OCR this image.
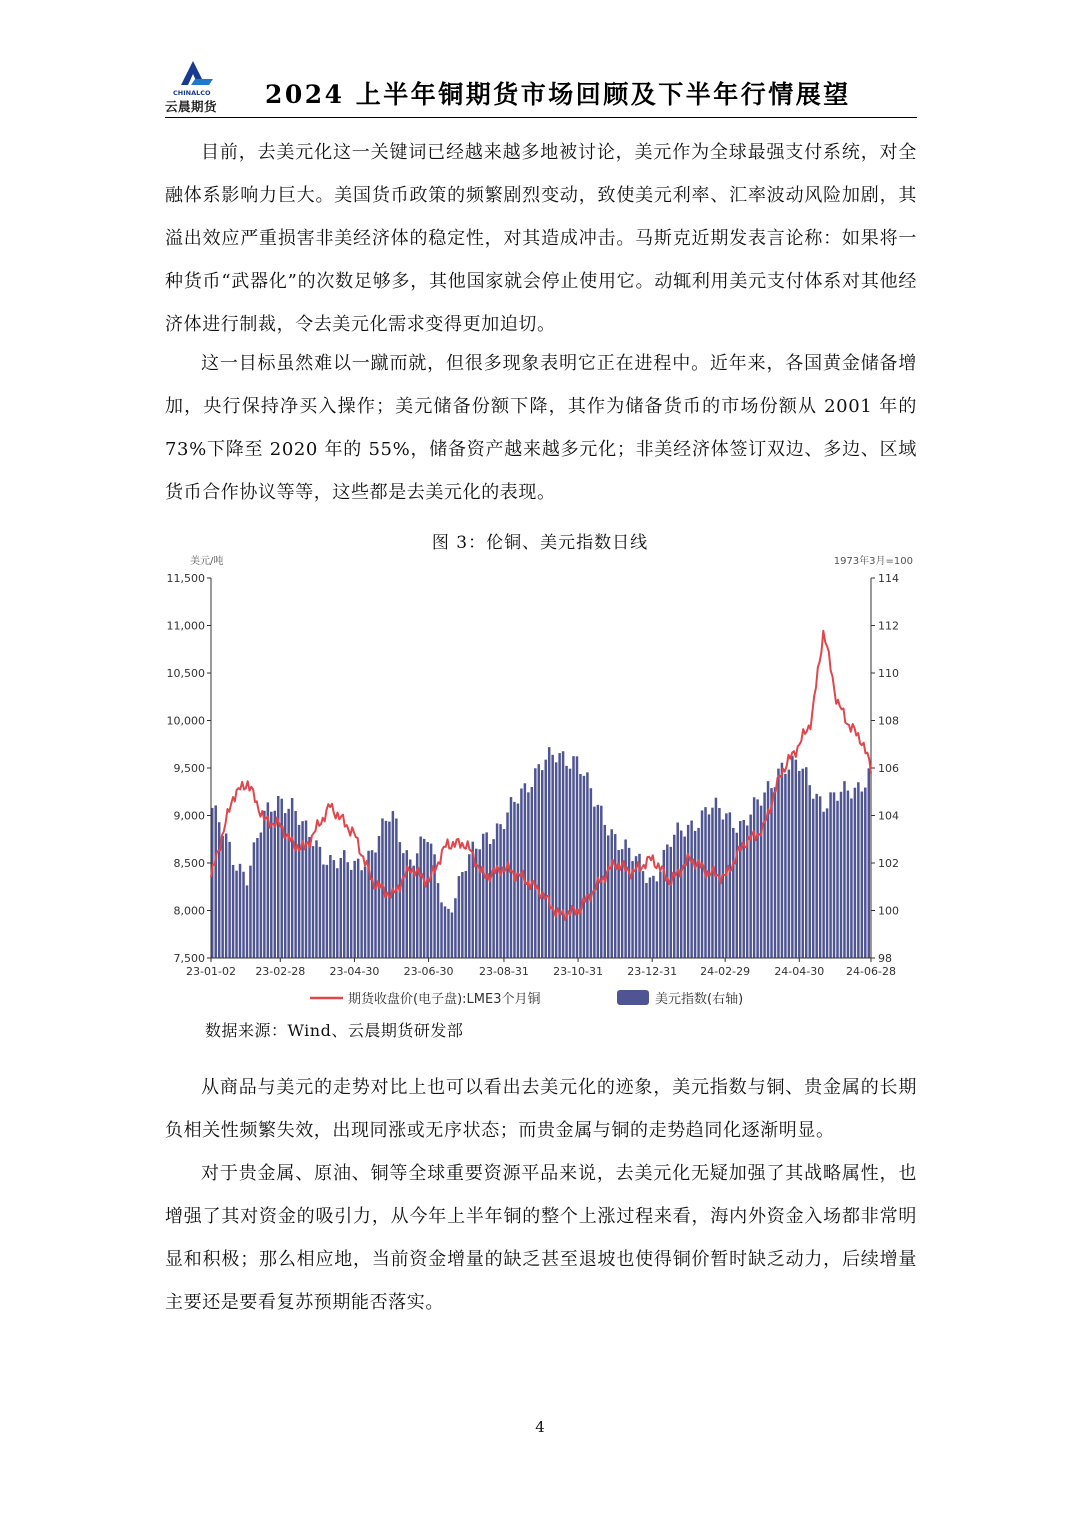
CHINALCO
云晨期货 2024 上半年铜期货市场回顾及下半年行情展望

目前，去美元化这一关键词已经越来越多地被讨论，美元作为全球最强支付系统，对全融体系影响力巨大。美国货币政策的频繁剧烈变动，致使美元利率、汇率波动风险加剧，其溢出效应严重损害非美经济体的稳定性，对其造成冲击。马斯克近期发表言论称：如果将一种货币“武器化”的次数足够多，其他国家就会停止使用它。动辄利用美元支付体系对其他经济体进行制裁，令去美元化需求变得更加迫切。

这一目标虽然难以一蹴而就，但很多现象表明它正在进程中。近年来，各国黄金储备增加，央行保持净买入操作；美元储备份额下降，其作为储备货币的市场份额从 2001 年的 73%下降至 2020 年的 55%，储备资产越来越多元化；非美经济体签订双边、多边、区域货币合作协议等等，这些都是去美元化的表现。

图 3：伦铜、美元指数日线
美元/吨	1973年3月=100
7,500
8,000
8,500
9,000
9,500
10,000
10,500
11,000
11,500
98
100
102
104
106
108
110
112
114
23-01-02 23-02-28 23-04-30 23-06-30 23-08-31 23-10-31 23-12-31 24-02-29 24-04-30 24-06-28
期货收盘价(电子盘):LME3个月铜	美元指数(右轴)
数据来源：Wind、云晨期货研发部

从商品与美元的走势对比上也可以看出去美元化的迹象，美元指数与铜、贵金属的长期负相关性频繁失效，出现同涨或无序状态；而贵金属与铜的走势趋同化逐渐明显。

对于贵金属、原油、铜等全球重要资源平品来说，去美元化无疑加强了其战略属性，也增强了其对资金的吸引力，从今年上半年铜的整个上涨过程来看，海内外资金入场都非常明显和积极；那么相应地，当前资金增量的缺乏甚至退坡也使得铜价暂时缺乏动力，后续增量主要还是要看复苏预期能否落实。

4
